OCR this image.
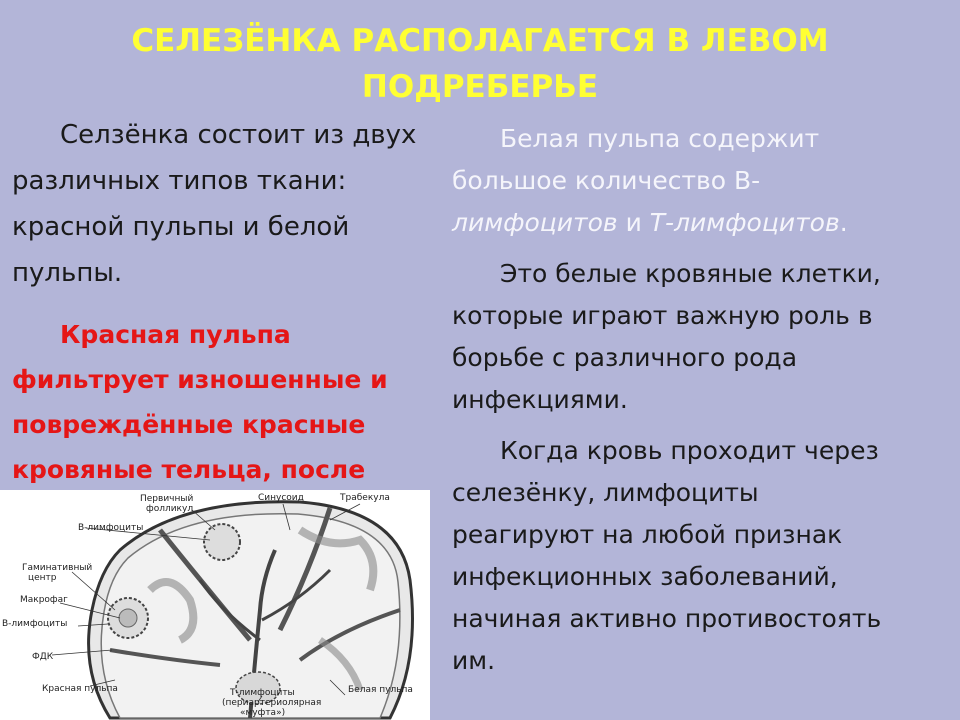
СЕЛЕЗЁНКА РАСПОЛАГАЕТСЯ В ЛЕВОМ
ПОДРЕБЕРЬЕ

Селзёнка состоит из двух

различных типов ткани:

красной пульпы и белой

пульпы.

Красная пульпа

фильтрует изношенные и

повреждённые красные

кровяные тельца, после

Белая пульпа содержит
большое количество В-
лимфоцитов и Т-лимфоцитов.

Это белые кровяные клетки,
которые играют важную роль в
борьбе с различного рода
инфекциями.

Когда кровь проходит через
селезёнку, лимфоциты
реагируют на любой признак
инфекционных заболеваний,
начиная активно противостоять
им.

Первичный
фолликул
Синусоид	Трабекула
В-лимфоциты
Гаминативный
центр
Макрофаг
В-лимфоциты
ФДК
Красная пульпа	Т-лимфоциты
(периартериолярная
«муфта»)
Белая пульпа
